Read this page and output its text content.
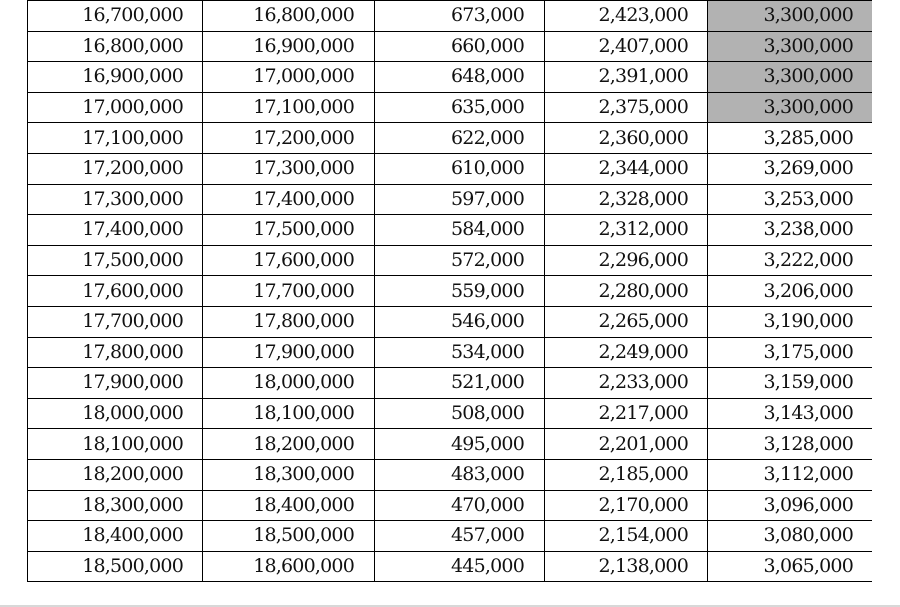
16,700,000	16,800,000	673,000	2,423,000	3,300,000
16,800,000	16,900,000	660,000	2,407,000	3,300,000
16,900,000	17,000,000	648,000	2,391,000	3,300,000
17,000,000	17,100,000	635,000	2,375,000	3,300,000
17,100,000	17,200,000	622,000	2,360,000	3,285,000
17,200,000	17,300,000	610,000	2,344,000	3,269,000
17,300,000	17,400,000	597,000	2,328,000	3,253,000
17,400,000	17,500,000	584,000	2,312,000	3,238,000
17,500,000	17,600,000	572,000	2,296,000	3,222,000
17,600,000	17,700,000	559,000	2,280,000	3,206,000
17,700,000	17,800,000	546,000	2,265,000	3,190,000
17,800,000	17,900,000	534,000	2,249,000	3,175,000
17,900,000	18,000,000	521,000	2,233,000	3,159,000
18,000,000	18,100,000	508,000	2,217,000	3,143,000
18,100,000	18,200,000	495,000	2,201,000	3,128,000
18,200,000	18,300,000	483,000	2,185,000	3,112,000
18,300,000	18,400,000	470,000	2,170,000	3,096,000
18,400,000	18,500,000	457,000	2,154,000	3,080,000
18,500,000	18,600,000	445,000	2,138,000	3,065,000
